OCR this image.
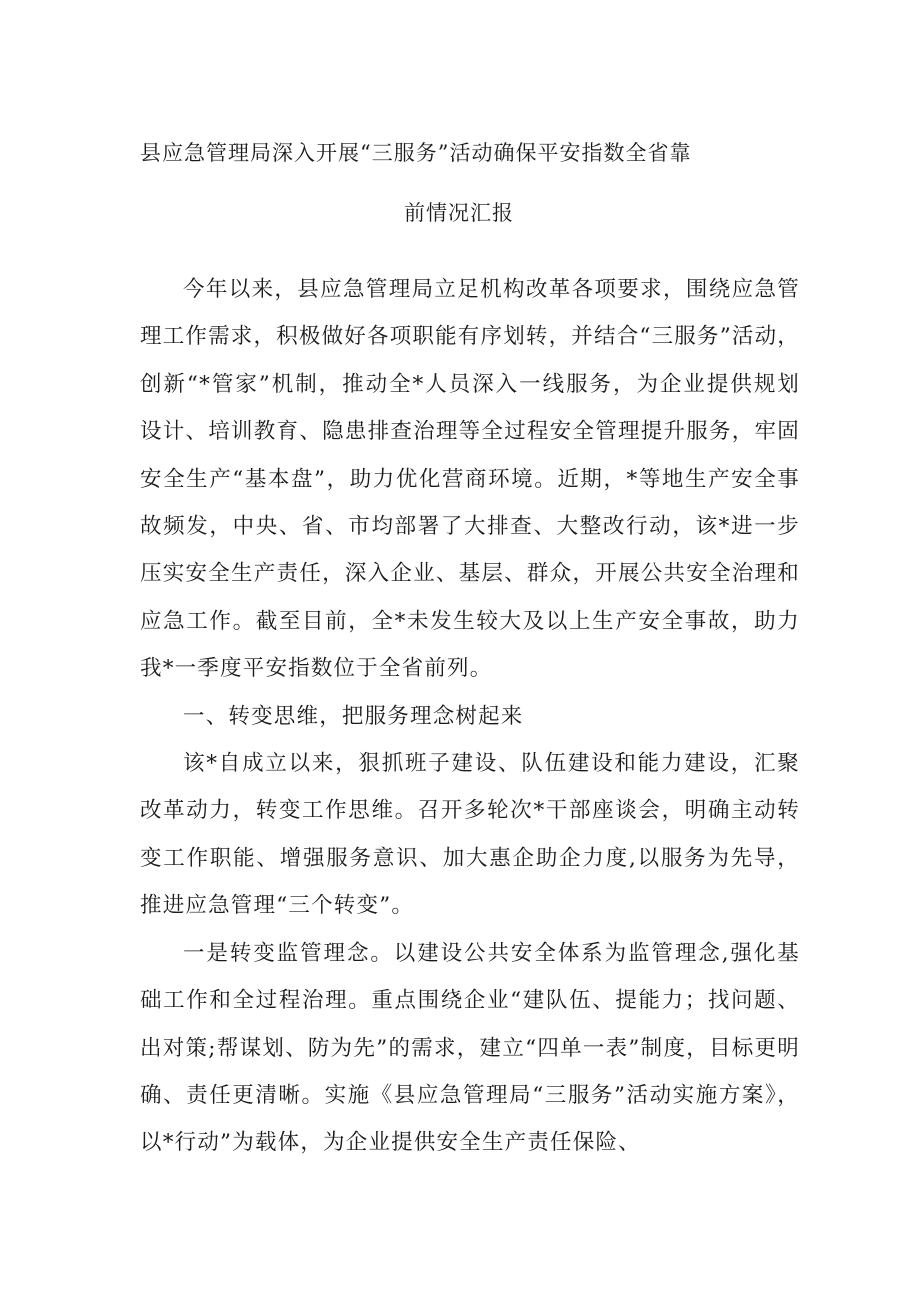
县应急管理局深入开展“三服务”活动确保平安指数全省靠
前情况汇报

今年以来，县应急管理局立足机构改革各项要求，围绕应急管理工作需求，积极做好各项职能有序划转，并结合“三服务”活动，创新“*管家”机制，推动全*人员深入一线服务，为企业提供规划设计、培训教育、隐患排查治理等全过程安全管理提升服务，牢固安全生产“基本盘”，助力优化营商环境。近期，*等地生产安全事故频发，中央、省、市均部署了大排查、大整改行动，该*进一步压实安全生产责任，深入企业、基层、群众，开展公共安全治理和应急工作。截至目前，全*未发生较大及以上生产安全事故，助力我*一季度平安指数位于全省前列。

一、转变思维，把服务理念树起来

该*自成立以来，狠抓班子建设、队伍建设和能力建设，汇聚改革动力，转变工作思维。召开多轮次*干部座谈会，明确主动转变工作职能、增强服务意识、加大惠企助企力度,以服务为先导，推进应急管理“三个转变”。

一是转变监管理念。以建设公共安全体系为监管理念,强化基础工作和全过程治理。重点围绕企业“建队伍、提能力；找问题、出对策;帮谋划、防为先”的需求，建立“四单一表”制度，目标更明确、责任更清晰。实施《县应急管理局“三服务”活动实施方案》，以*行动”为载体，为企业提供安全生产责任保险、
